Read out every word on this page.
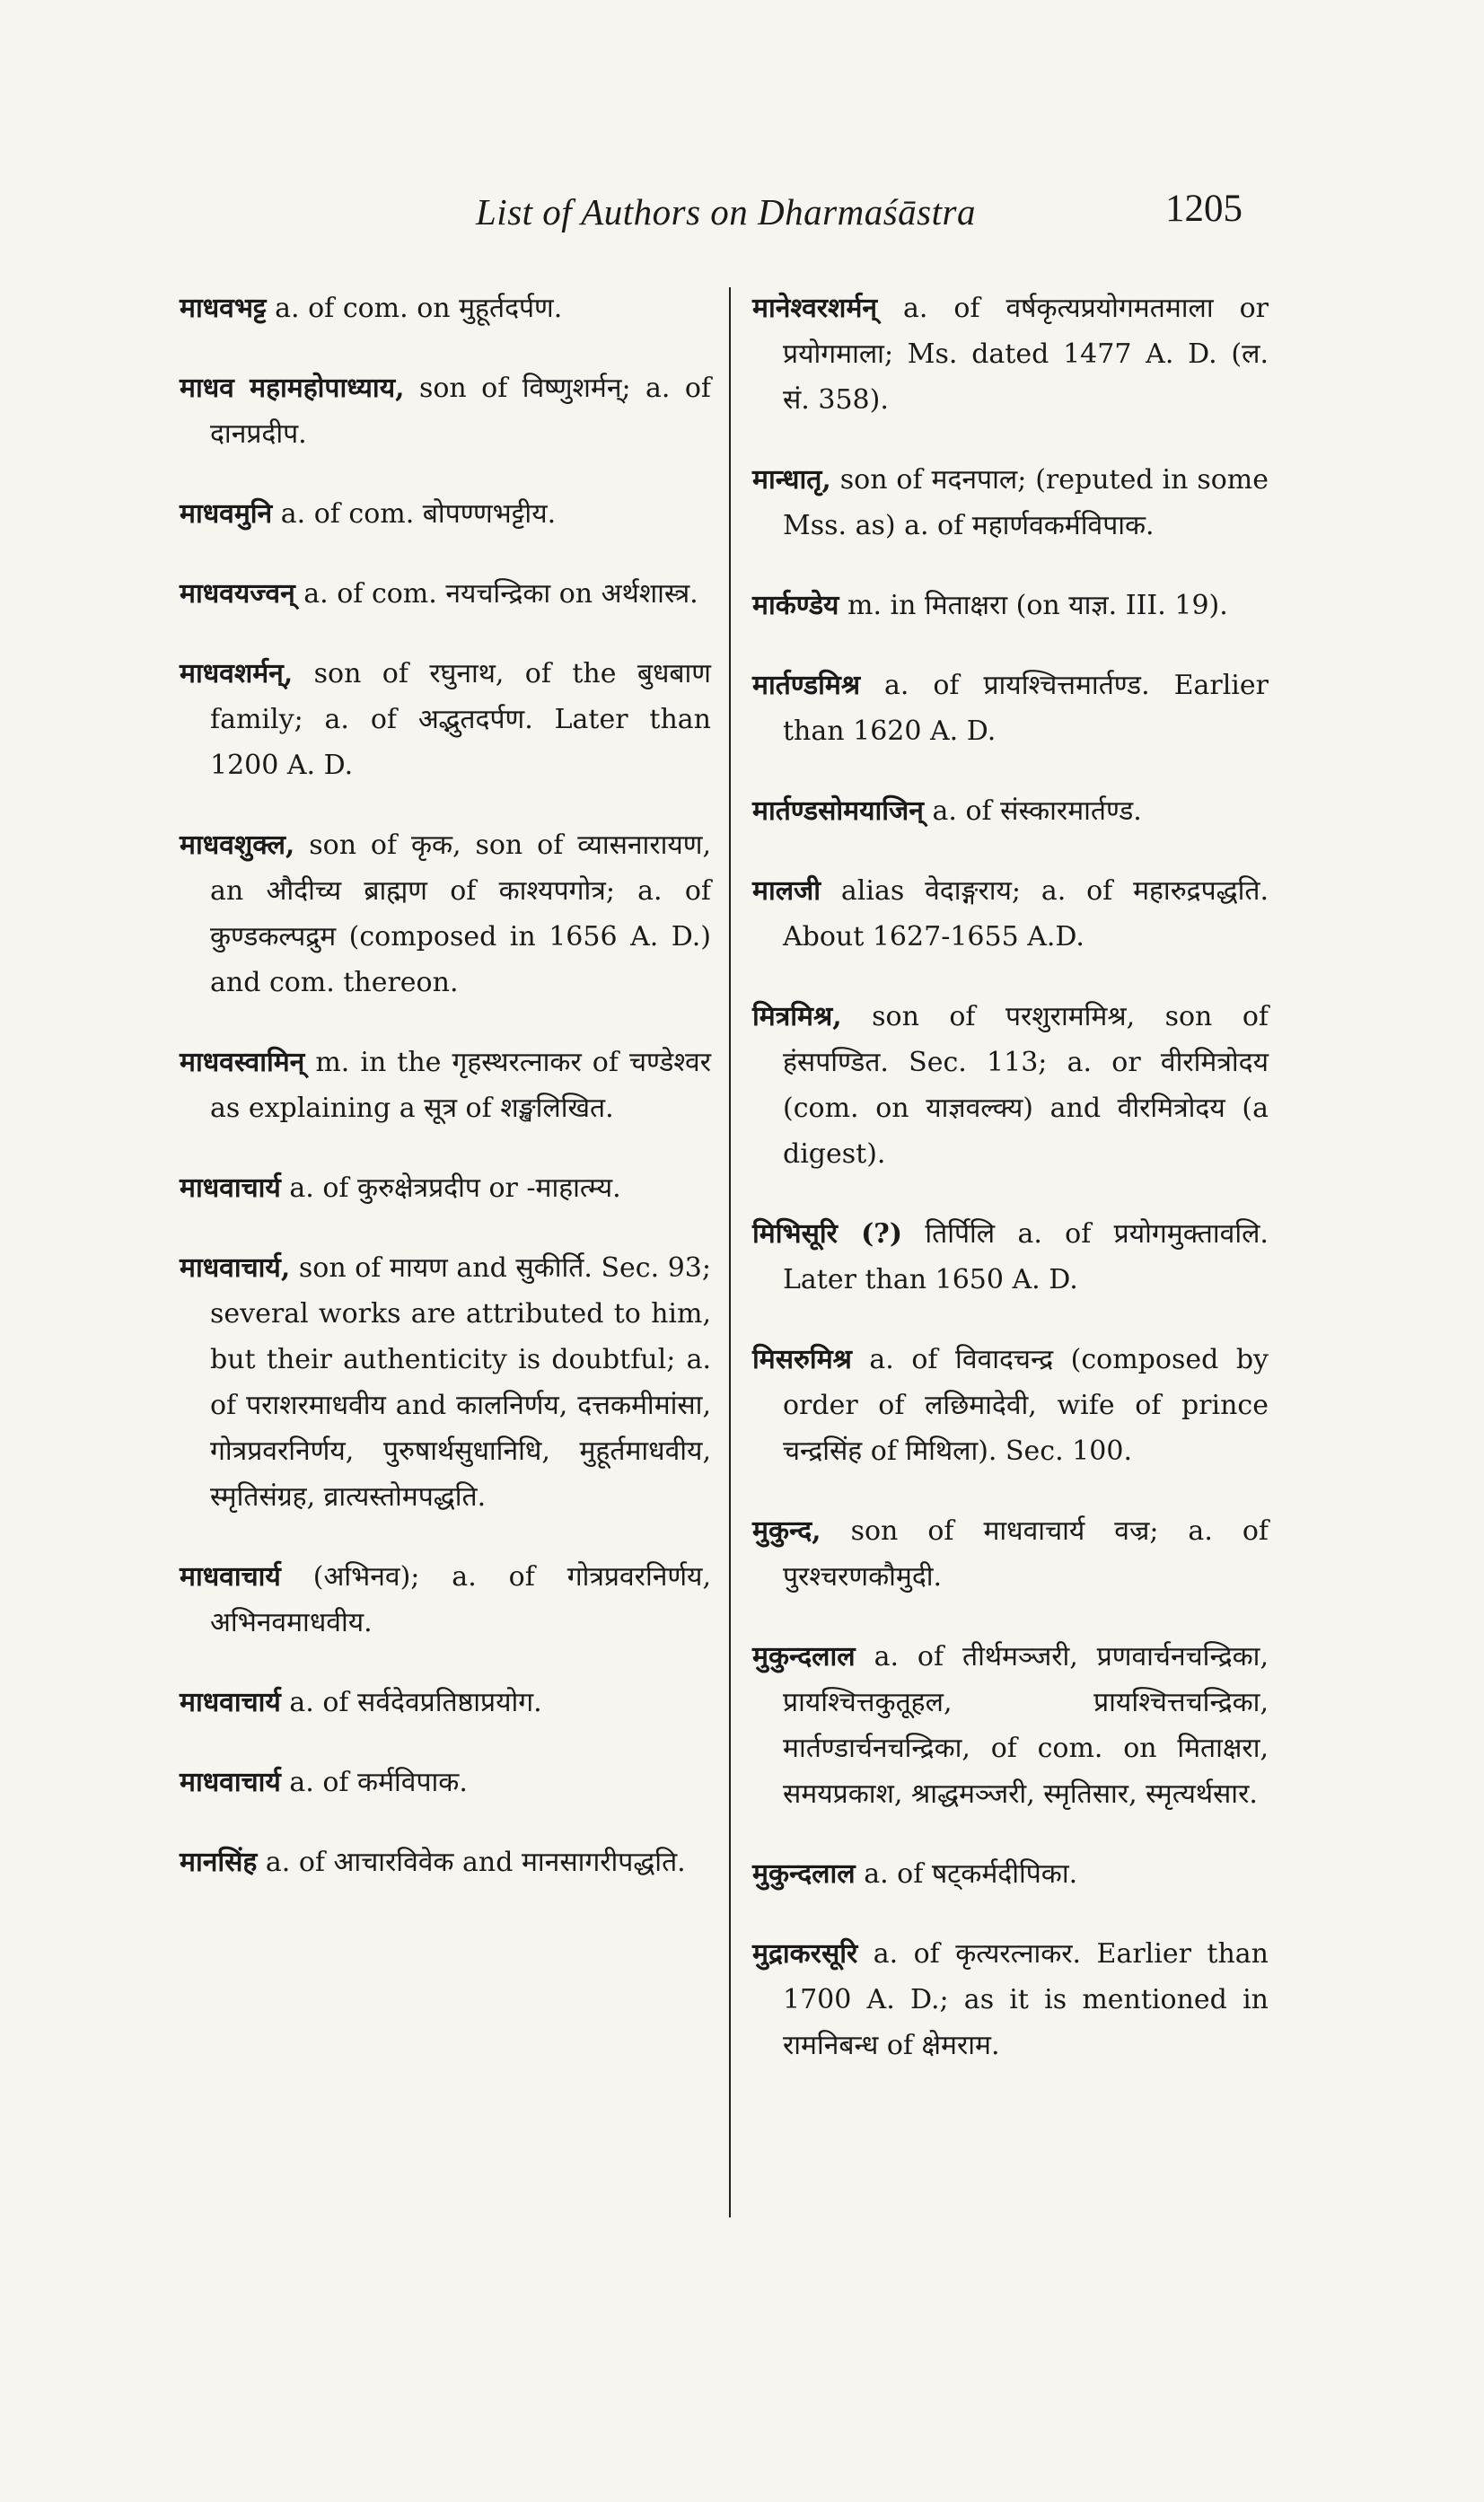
List of Authors on Dharmaśāstra	1205

माधवभट्ट a. of com. on मुहूर्तदर्पण.

माधव महामहोपाध्याय, son of विष्णुशर्मन्; a. of दानप्रदीप.

माधवमुनि a. of com. बोपण्णभट्टीय.

माधवयज्वन् a. of com. नयचन्द्रिका on अर्थशास्त्र.

माधवशर्मन्, son of रघुनाथ, of the बुधबाण family; a. of अद्भुतदर्पण. Later than 1200 A. D.

माधवशुक्ल, son of कृक, son of व्यासनारायण, an औदीच्य ब्राह्मण of काश्यपगोत्र; a. of कुण्डकल्पद्रुम (composed in 1656 A. D.) and com. thereon.

माधवस्वामिन् m. in the गृहस्थरत्नाकर of चण्डेश्वर as explaining a सूत्र of शङ्खलिखित.

माधवाचार्य a. of कुरुक्षेत्रप्रदीप or -माहात्म्य.

माधवाचार्य, son of मायण and सुकीर्ति. Sec. 93; several works are attributed to him, but their authenticity is doubtful; a. of पराशरमाधवीय and कालनिर्णय, दत्तकमीमांसा, गोत्रप्रवरनिर्णय, पुरुषार्थसुधानिधि, मुहूर्तमाधवीय, स्मृतिसंग्रह, व्रात्यस्तोमपद्धति.

माधवाचार्य (अभिनव); a. of गोत्रप्रवरनिर्णय, अभिनवमाधवीय.

माधवाचार्य a. of सर्वदेवप्रतिष्ठाप्रयोग.

माधवाचार्य a. of कर्मविपाक.

मानसिंह a. of आचारविवेक and मानसागरीपद्धति.

मानेश्वरशर्मन् a. of वर्षकृत्यप्रयोगमतमाला or प्रयोगमाला; Ms. dated 1477 A. D. (ल. सं. 358).

मान्धातृ, son of मदनपाल; (reputed in some Mss. as) a. of महार्णवकर्मविपाक.

मार्कण्डेय m. in मिताक्षरा (on याज्ञ. III. 19).

मार्तण्डमिश्र a. of प्रायश्चित्तमार्तण्ड. Earlier than 1620 A. D.

मार्तण्डसोमयाजिन् a. of संस्कारमार्तण्ड.

मालजी alias वेदाङ्गराय; a. of महारुद्रपद्धति. About 1627-1655 A.D.

मित्रमिश्र, son of परशुराममिश्र, son of हंसपण्डित. Sec. 113; a. or वीरमित्रोदय (com. on याज्ञवल्क्य) and वीरमित्रोदय (a digest).

मिभिसूरि (?) तिर्पिलि a. of प्रयोगमुक्तावलि. Later than 1650 A. D.

मिसरुमिश्र a. of विवादचन्द्र (composed by order of लछिमादेवी, wife of prince चन्द्रसिंह of मिथिला). Sec. 100.

मुकुन्द, son of माधवाचार्य वज्र; a. of पुरश्चरणकौमुदी.

मुकुन्दलाल a. of तीर्थमञ्जरी, प्रणवार्चनचन्द्रिका, प्रायश्चित्तकुतूहल, प्रायश्चित्तचन्द्रिका, मार्तण्डार्चनचन्द्रिका, of com. on मिताक्षरा, समयप्रकाश, श्राद्धमञ्जरी, स्मृतिसार, स्मृत्यर्थसार.

मुकुन्दलाल a. of षट्कर्मदीपिका.

मुद्राकरसूरि a. of कृत्यरत्नाकर. Earlier than 1700 A. D.; as it is mentioned in रामनिबन्ध of क्षेमराम.
